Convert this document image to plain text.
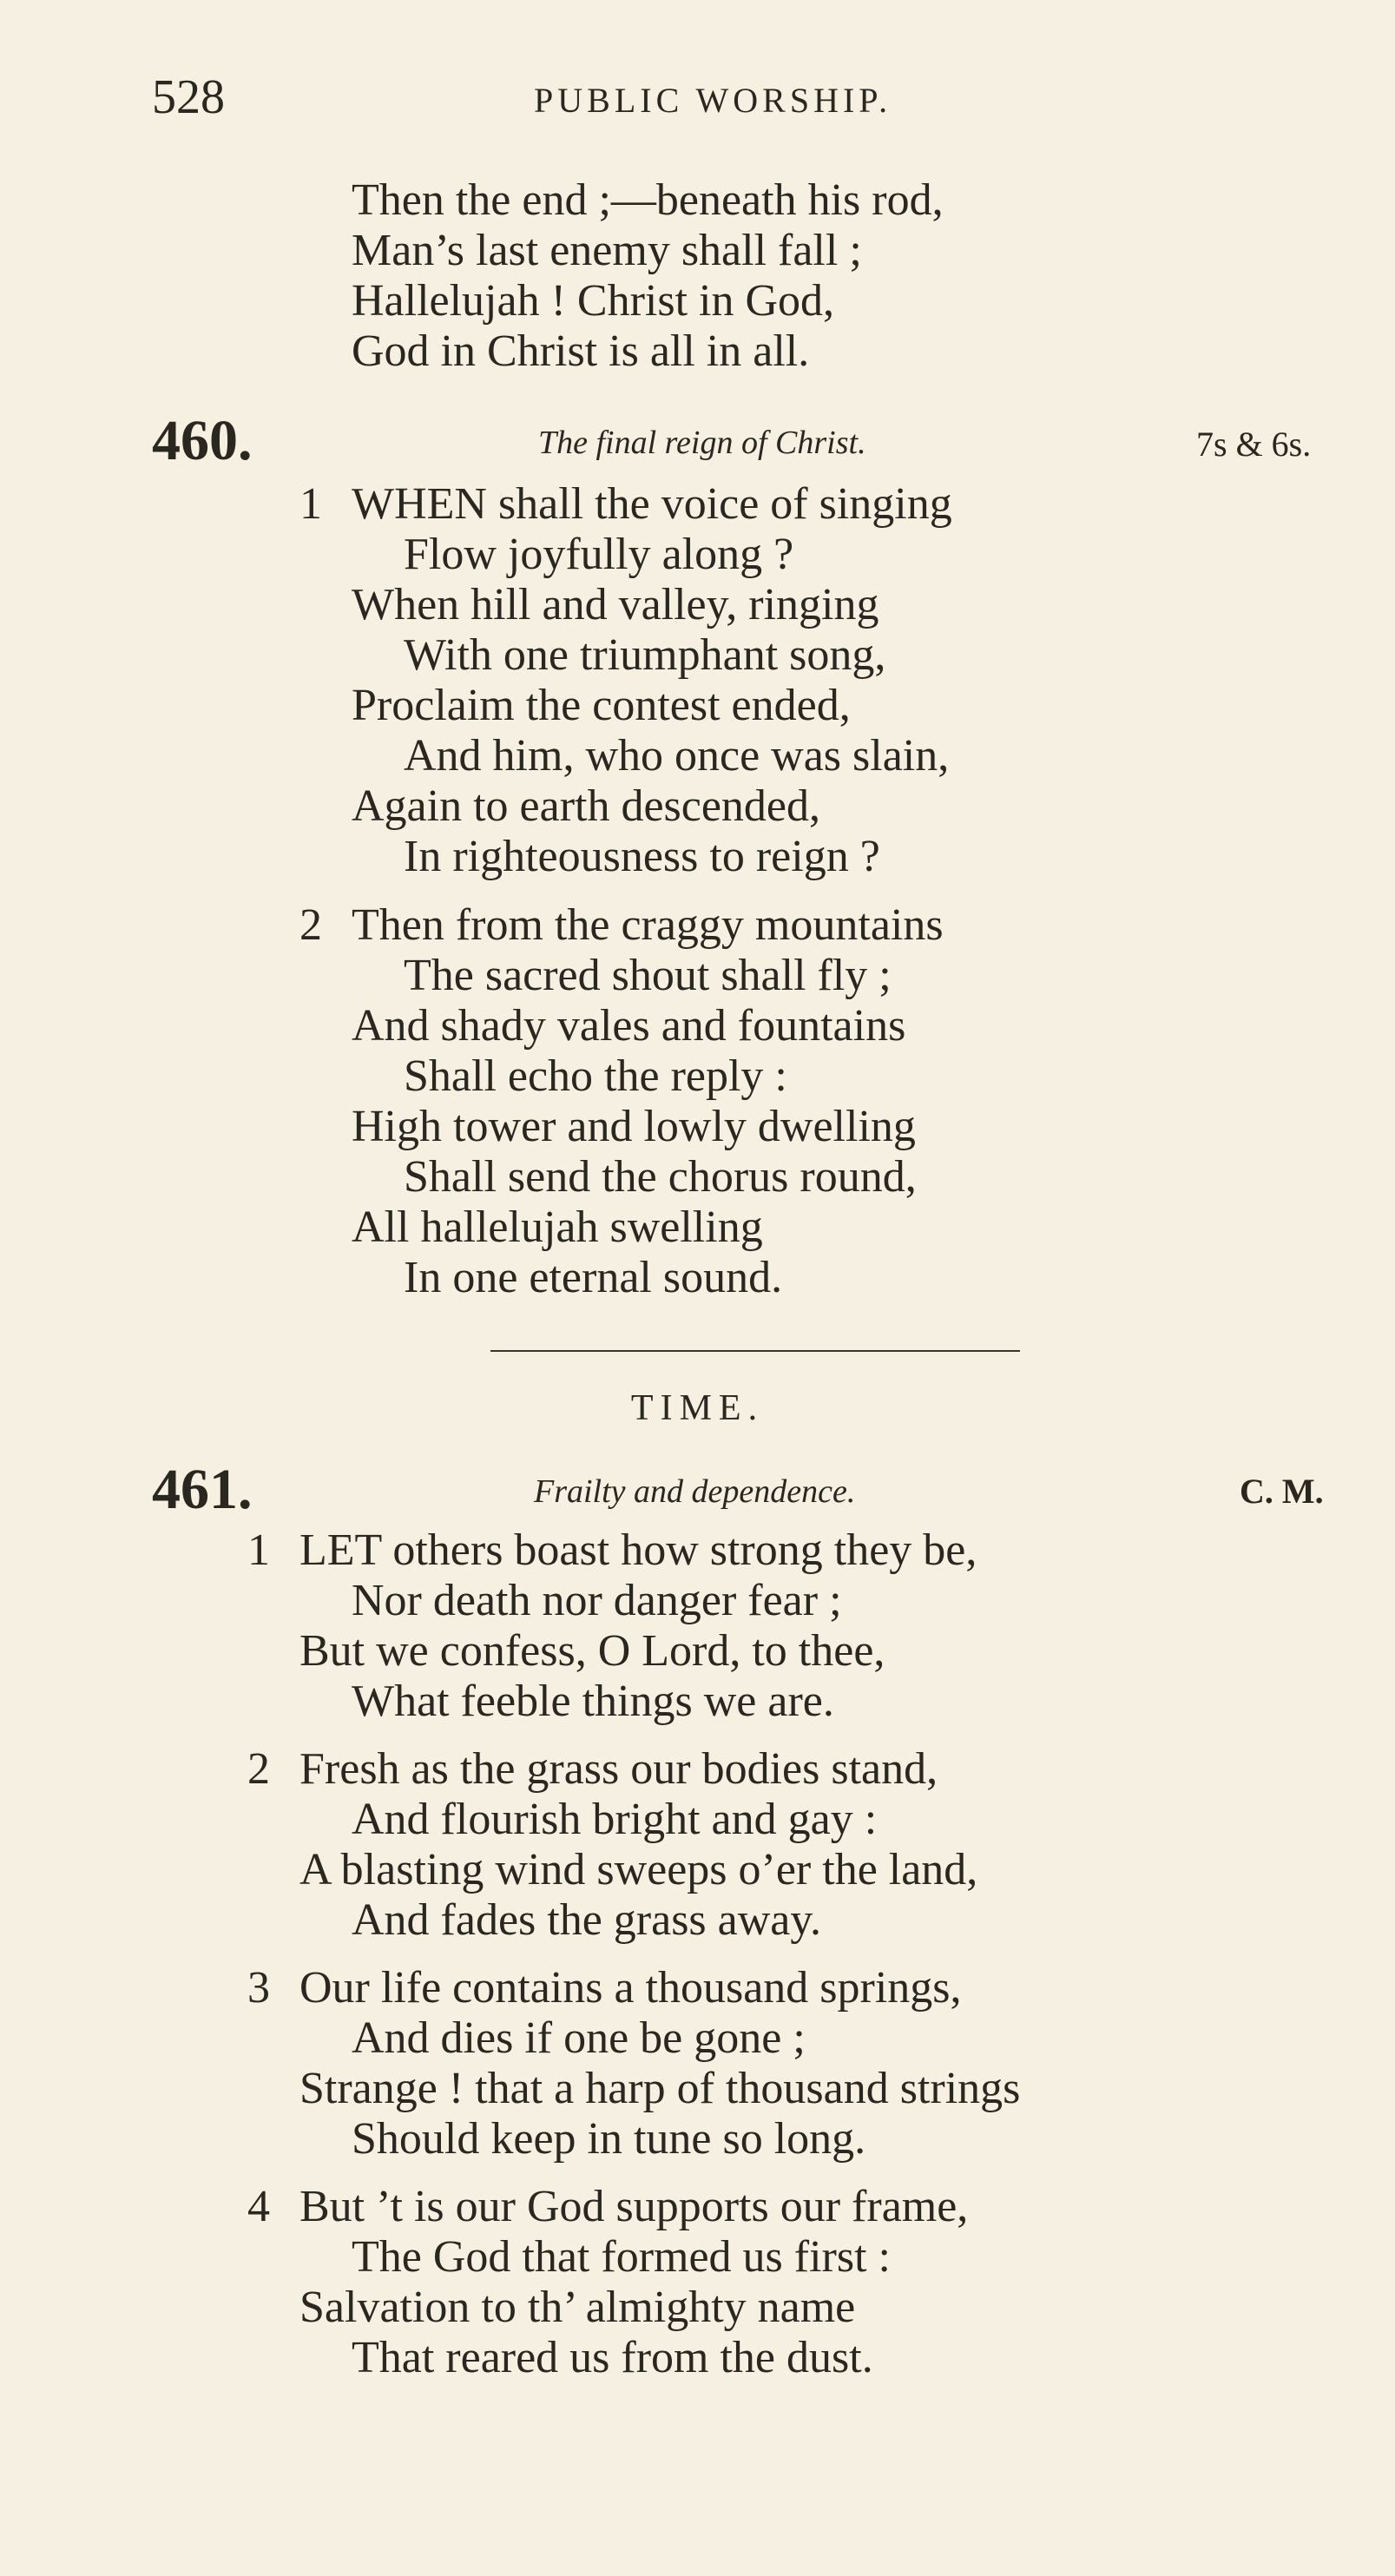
528	PUBLIC WORSHIP.
Then the end ;—beneath his rod,
Man’s last enemy shall fall ;
Hallelujah ! Christ in God,
God in Christ is all in all.
460.	The final reign of Christ.	7s & 6s.
1 WHEN shall the voice of singing
Flow joyfully along ?
When hill and valley, ringing
With one triumphant song,
Proclaim the contest ended,
And him, who once was slain,
Again to earth descended,
In righteousness to reign ?
2 Then from the craggy mountains
The sacred shout shall fly ;
And shady vales and fountains
Shall echo the reply :
High tower and lowly dwelling
Shall send the chorus round,
All hallelujah swelling
In one eternal sound.
TIME.
461.	Frailty and dependence.	C. M.
1 LET others boast how strong they be,
Nor death nor danger fear ;
But we confess, O Lord, to thee,
What feeble things we are.
2 Fresh as the grass our bodies stand,
And flourish bright and gay :
A blasting wind sweeps o’er the land,
And fades the grass away.
3 Our life contains a thousand springs,
And dies if one be gone ;
Strange ! that a harp of thousand strings
Should keep in tune so long.
4 But ’t is our God supports our frame,
The God that formed us first :
Salvation to th’ almighty name
That reared us from the dust.
